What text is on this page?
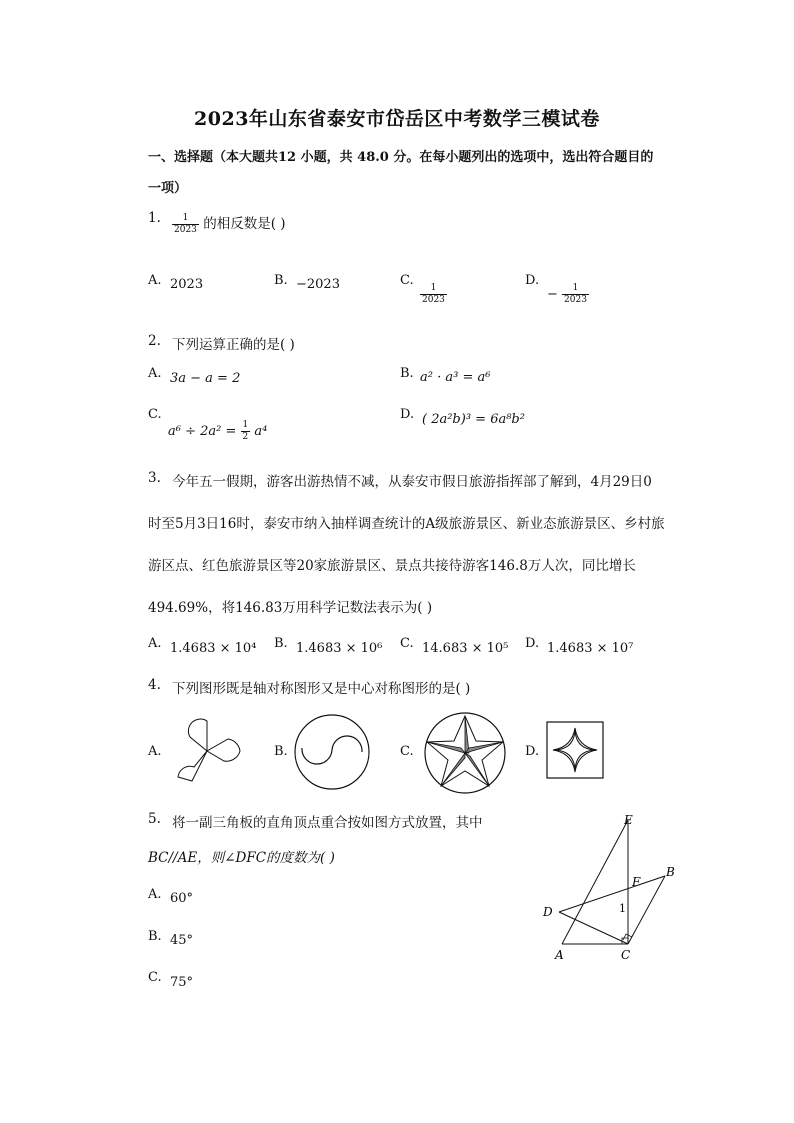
2023年山东省泰安市岱岳区中考数学三模试卷
一、选择题（本大题共12 小题，共 48.0 分。在每小题列出的选项中，选出符合题目的
一项）
1. $\frac{1}{2023}$ 的相反数是( )
A. 2023	B. −2023	C.
$\frac{1}{2023}$
D.
− $\frac{1}{2023}$
2. 下列运算正确的是( )
A. 3a − a = 2	B. a² · a³ = a⁶
C.
$a^6 \div 2a^2 = \frac{1}{2} a^4$
D. ( 2a²b)³ = 6a⁸b²
3. 今年五一假期，游客出游热情不减，从泰安市假日旅游指挥部了解到，4月29日0
时至5月3日16时，泰安市纳入抽样调查统计的A级旅游景区、新业态旅游景区、乡村旅
游区点、红色旅游景区等20家旅游景区、景点共接待游客146.8万人次，同比增长
494.69%，将146.83万用科学记数法表示为( )
A. 1.4683 × 10⁴ B. 1.4683 × 10⁶ C. 14.683 × 10⁵ D. 1.4683 × 10⁷
4. 下列图形既是轴对称图形又是中心对称图形的是( )
A.	B.	C.	D.
5. 将一副三角板的直角顶点重合按如图方式放置，其中
BC//AE，则∠DFC的度数为( )
A. 60°
B. 45°
C. 75°
E
B
F
1
D
A	C
